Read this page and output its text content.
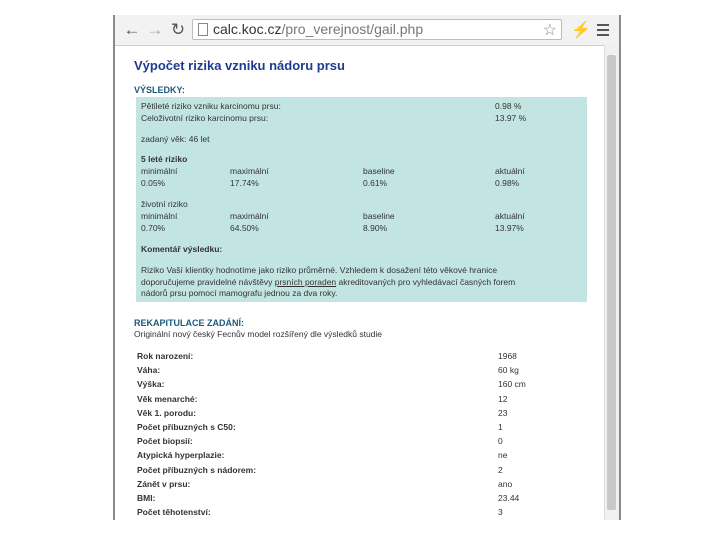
← → ↻ calc.koc.cz/pro_verejnost/gail.php	☆ ⚡
Výpočet rizika vzniku nádoru prsu
VÝSLEDKY:
Pětileté riziko vzniku karcinomu prsu:	0.98 %
Celoživotní riziko karcinomu prsu:	13.97 %
zadaný věk: 46 let
5 leté riziko
minimální	maximální	baseline	aktuální
0.05%	17.74%	0.61%	0.98%
životní riziko
minimální	maximální	baseline	aktuální
0.70%	64.50%	8.90%	13.97%
Komentář výsledku:
Riziko Vaší klientky hodnotíme jako riziko průměrné. Vzhledem k dosažení této věkové hranice
doporučujeme pravidelné návštěvy prsních poraden akreditovaných pro vyhledávací časných forem
nádorů prsu pomocí mamografu jednou za dva roky.
REKAPITULACE ZADÁNÍ:
Originální nový český Fecnův model rozšířený dle výsledků studie
Rok narození:	1968
Váha:	60 kg
Výška:	160 cm
Věk menarché:	12
Věk 1. porodu:	23
Počet příbuzných s C50:	1
Počet biopsií:	0
Atypická hyperplazie:	ne
Počet příbuzných s nádorem:	2
Zánět v prsu:	ano
BMI:	23.44
Počet těhotenství:	3
